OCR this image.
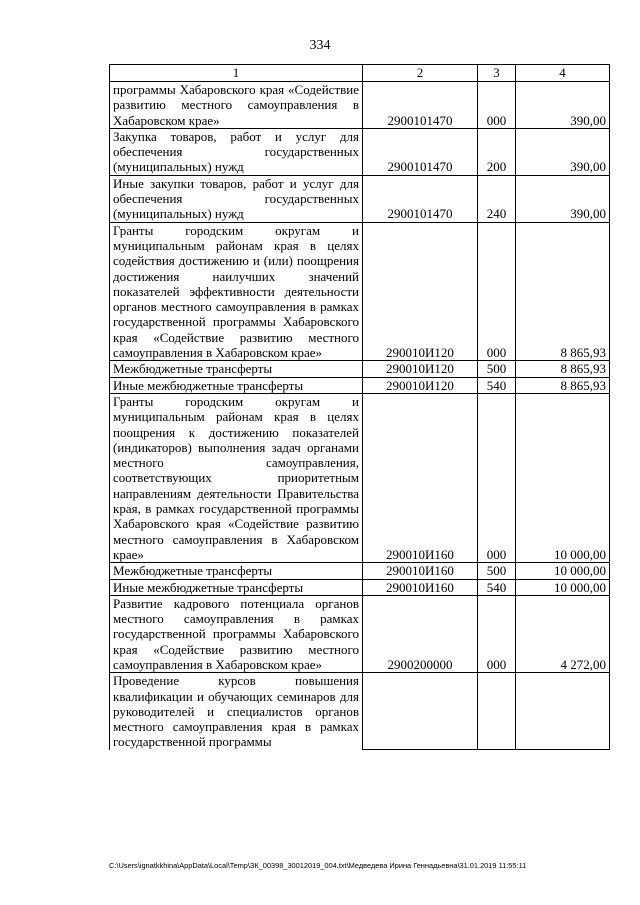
334
1	2	3	4
программы Хабаровского края «Содействие развитию местного самоуправления в Хабаровском крае»	2900101470	000	390,00
Закупка товаров, работ и услуг для обеспечения государственных (муниципальных) нужд	2900101470	200	390,00
Иные закупки товаров, работ и услуг для обеспечения государственных (муниципальных) нужд	2900101470	240	390,00
Гранты городским округам и муниципальным районам края в целях содействия достижению и (или) поощрения достижения наилучших значений показателей эффективности деятельности органов местного самоуправления в рамках государственной программы Хабаровского края «Содействие развитию местного самоуправления в Хабаровском крае»	290010И120	000	8 865,93
Межбюджетные трансферты	290010И120	500	8 865,93
Иные межбюджетные трансферты	290010И120	540	8 865,93
Гранты городским округам и муниципальным районам края в целях поощрения к достижению показателей (индикаторов) выполнения задач органами местного самоуправления, соответствующих приоритетным направлениям деятельности Правительства края, в рамках государственной программы Хабаровского края «Содействие развитию местного самоуправления в Хабаровском крае»	290010И160	000	10 000,00
Межбюджетные трансферты	290010И160	500	10 000,00
Иные межбюджетные трансферты	290010И160	540	10 000,00
Развитие кадрового потенциала органов местного самоуправления в рамках государственной программы Хабаровского края «Содействие развитию местного самоуправления в Хабаровском крае»	2900200000	000	4 272,00
Проведение курсов повышения квалификации и обучающих семинаров для руководителей и специалистов органов местного самоуправления края в рамках государственной программы			
C:\Users\ignatkkhina\AppData\Local\Temp\ЗК_00398_30012019_004.txt\Медведева Ирина Геннадьевна\31.01.2019 11:55:11
